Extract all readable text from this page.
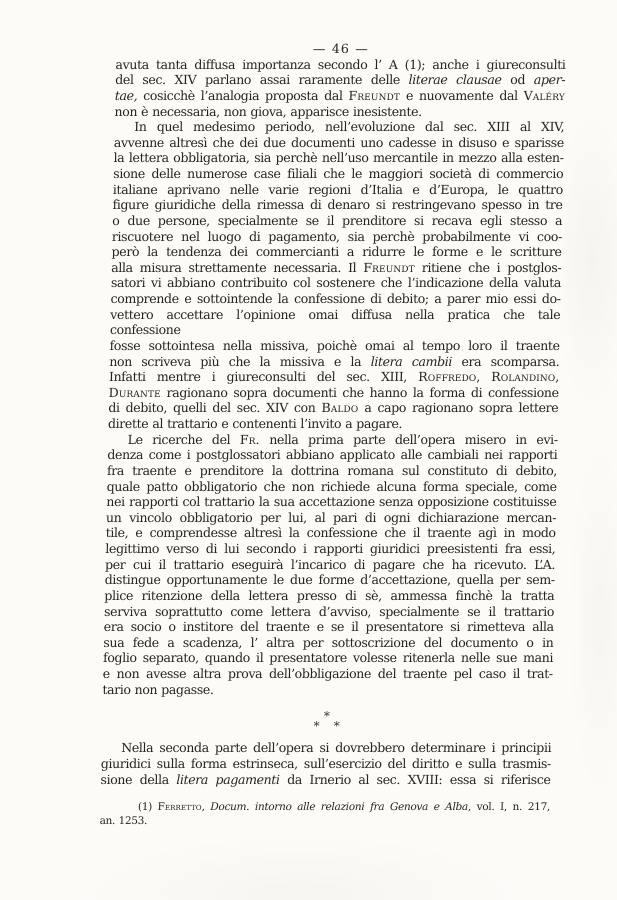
— 46 —
avuta tanta diffusa importanza secondo l’ A (1); anche i giureconsulti
del sec. XIV parlano assai raramente delle literae clausae od aper-
tae, cosicchè l’analogia proposta dal Freundt e nuovamente dal Valéry
non è necessaria, non giova, apparisce inesistente.
In quel medesimo periodo, nell’evoluzione dal sec. XIII al XIV,
avvenne altresì che dei due documenti uno cadesse in disuso e sparisse
la lettera obbligatoria, sia perchè nell’uso mercantile in mezzo alla esten-
sione delle numerose case filiali che le maggiori società di commercio
italiane aprivano nelle varie regioni d’Italia e d’Europa, le quattro
figure giuridiche della rimessa di denaro si restringevano spesso in tre
o due persone, specialmente se il prenditore si recava egli stesso a
riscuotere nel luogo di pagamento, sia perchè probabilmente vi coo-
però la tendenza dei commercianti a ridurre le forme e le scritture
alla misura strettamente necessaria. Il Freundt ritiene che i postglos-
satori vi abbiano contribuito col sostenere che l’indicazione della valuta
comprende e sottointende la confessione di debito; a parer mio essi do-
vettero accettare l’opinione omai diffusa nella pratica che tale confessione
fosse sottointesa nella missiva, poichè omai al tempo loro il traente
non scriveva più che la missiva e la litera cambii era scomparsa.
Infatti mentre i giureconsulti del sec. XIII, Roffredo, Rolandino,
Durante ragionano sopra documenti che hanno la forma di confessione
di debito, quelli del sec. XIV con Baldo a capo ragionano sopra lettere
dirette al trattario e contenenti l’invito a pagare.
Le ricerche del Fr. nella prima parte dell’opera misero in evi-
denza come i postglossatori abbiano applicato alle cambiali nei rapporti
fra traente e prenditore la dottrina romana sul constituto di debito,
quale patto obbligatorio che non richiede alcuna forma speciale, come
nei rapporti col trattario la sua accettazione senza opposizione costituisse
un vincolo obbligatorio per lui, al pari di ogni dichiarazione mercan-
tile, e comprendesse altresì la confessione che il traente agì in modo
legittimo verso di lui secondo i rapporti giuridici preesistenti fra essi,
per cui il trattario eseguirà l’incarico di pagare che ha ricevuto. L’A.
distingue opportunamente le due forme d’accettazione, quella per sem-
plice ritenzione della lettera presso di sè, ammessa finchè la tratta
serviva soprattutto come lettera d’avviso, specialmente se il trattario
era socio o institore del traente e se il presentatore si rimetteva alla
sua fede a scadenza, l’ altra per sottoscrizione del documento o in
foglio separato, quando il presentatore volesse ritenerla nelle sue mani
e non avesse altra prova dell’obbligazione del traente pel caso il trat-
tario non pagasse.
*
* *
Nella seconda parte dell’opera si dovrebbero determinare i principii
giuridici sulla forma estrinseca, sull’esercizio del diritto e sulla trasmis-
sione della litera pagamenti da Irnerio al sec. XVIII: essa si riferisce
(1) Ferretto, Docum. intorno alle relazioni fra Genova e Alba, vol. I, n. 217,
an. 1253.
